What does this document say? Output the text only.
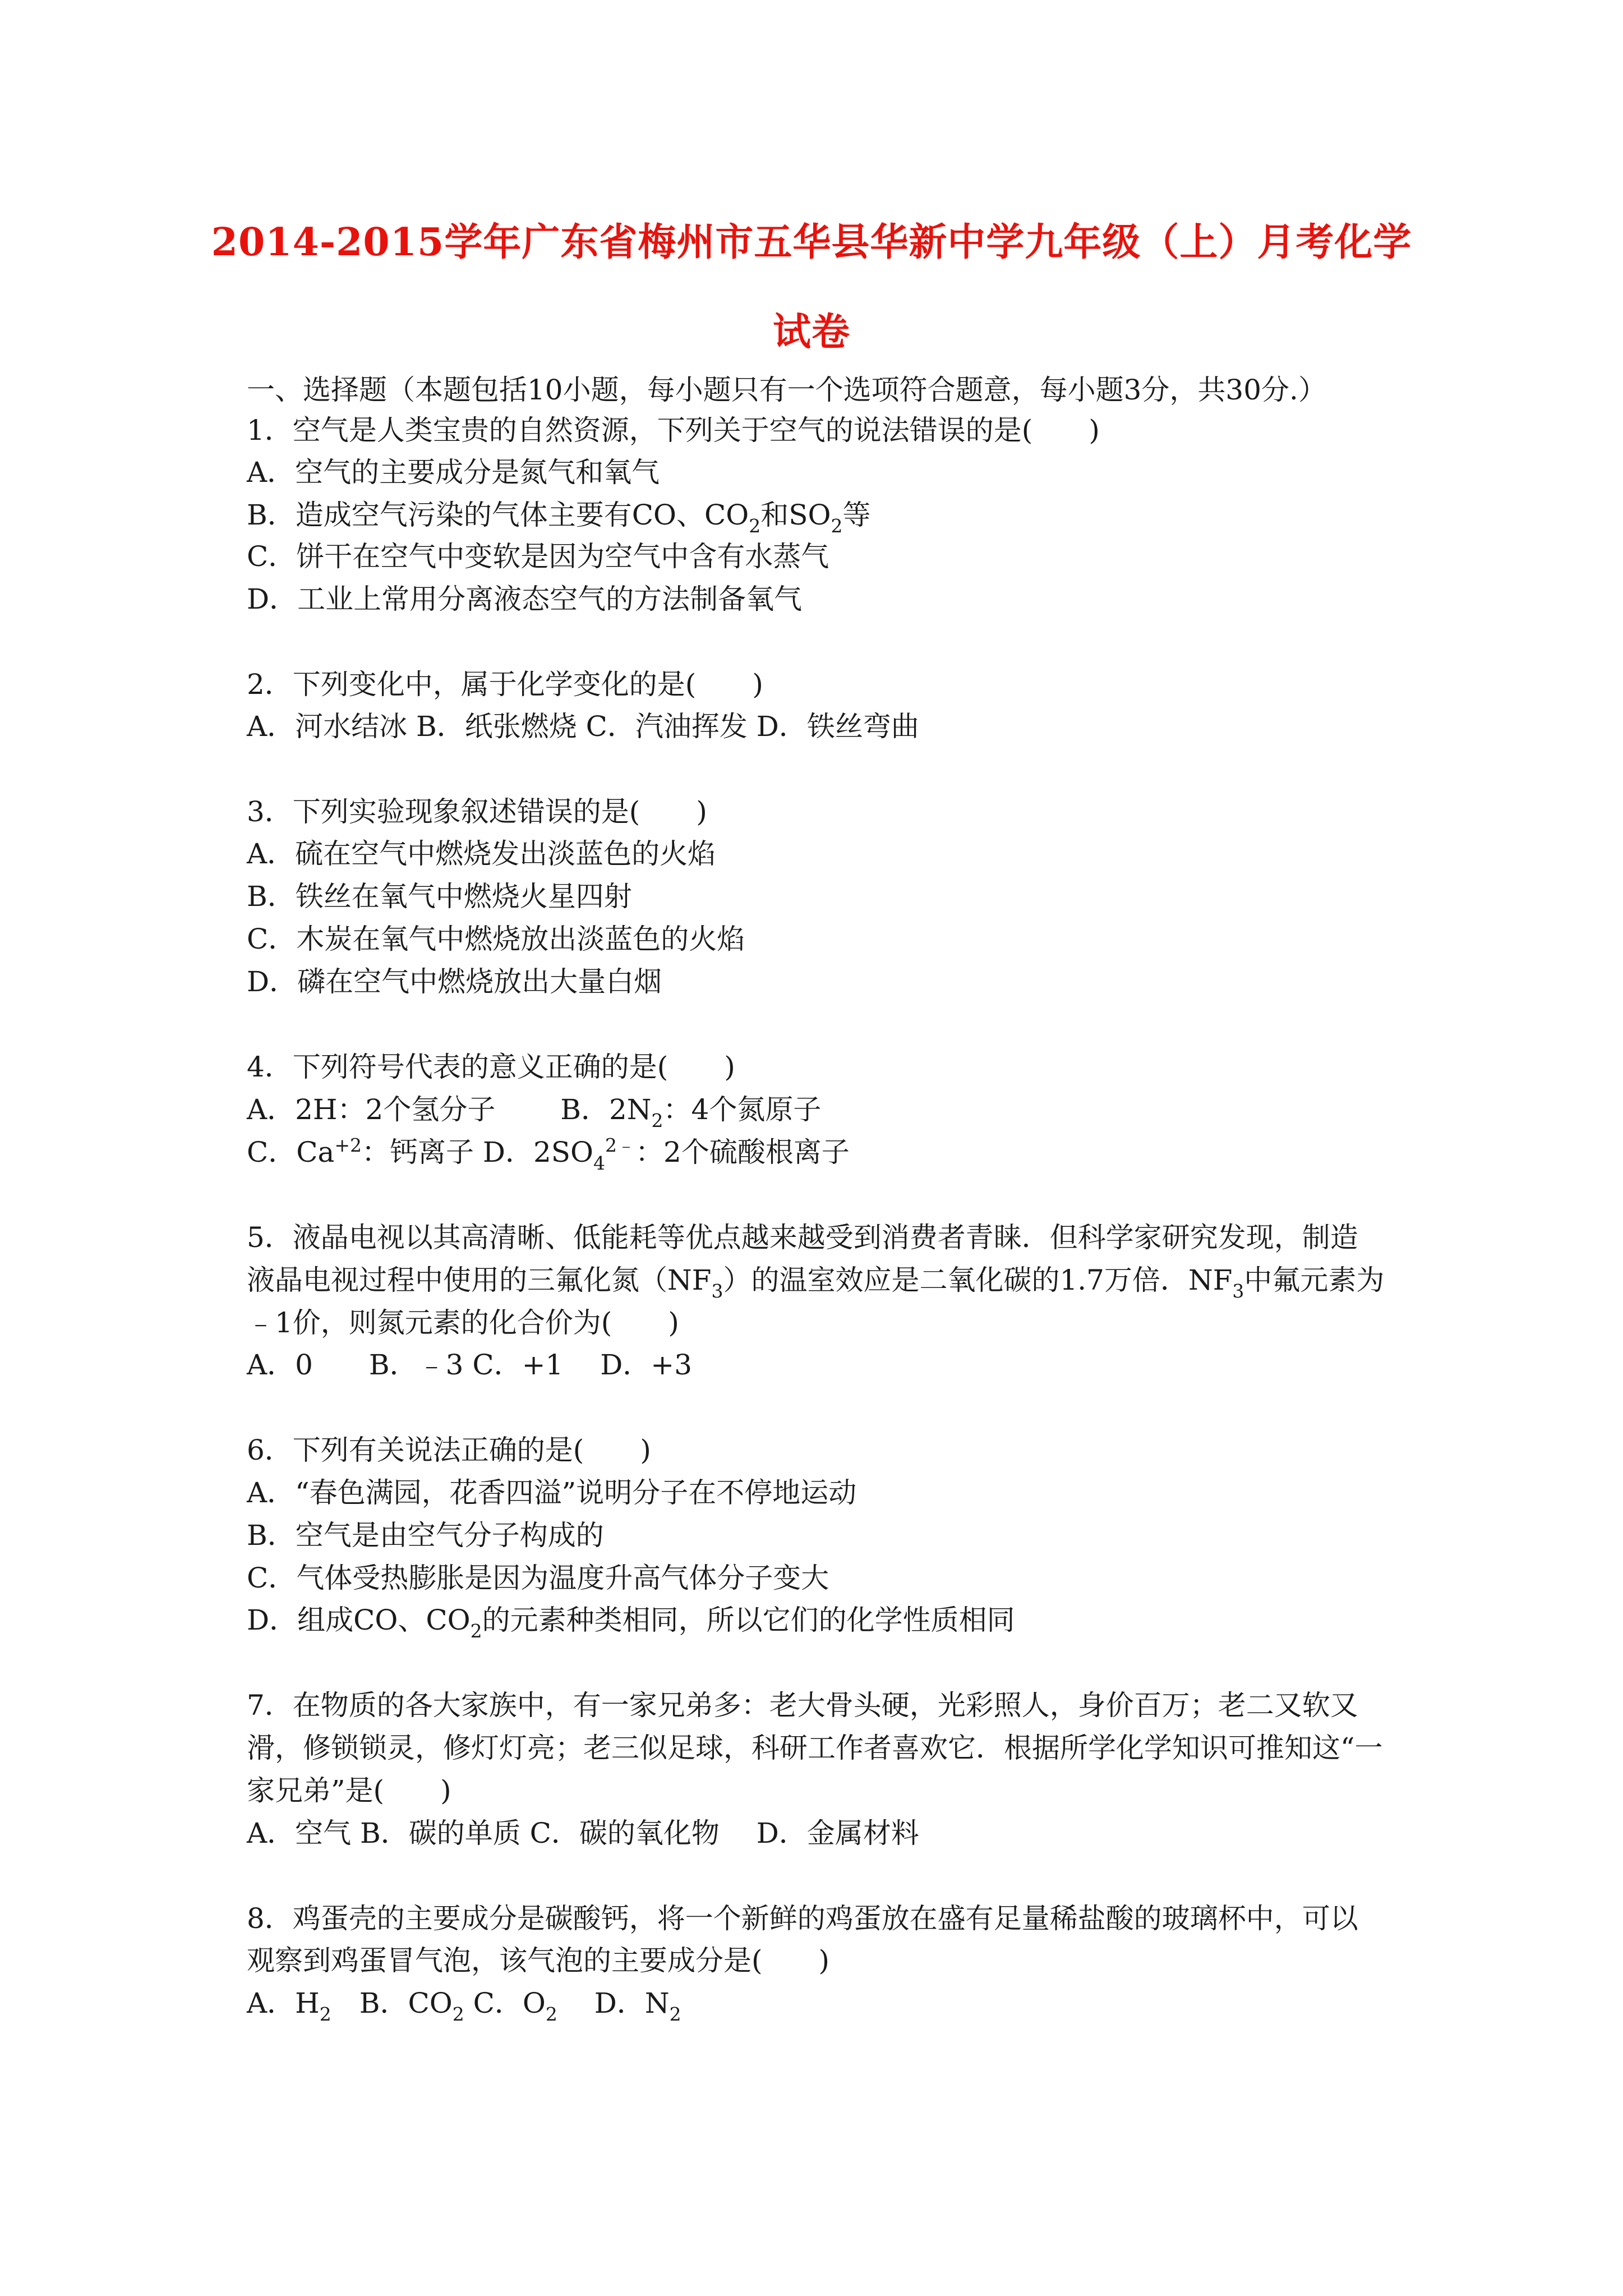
2014-2015学年广东省梅州市五华县华新中学九年级（上）月考化学
试卷
一、选择题（本题包括10小题，每小题只有一个选项符合题意，每小题3分，共30分.）
1．空气是人类宝贵的自然资源，下列关于空气的说法错误的是(　　)
A．空气的主要成分是氮气和氧气
B．造成空气污染的气体主要有CO、$CO_2$和$SO_2$等
C．饼干在空气中变软是因为空气中含有水蒸气
D．工业上常用分离液态空气的方法制备氧气
2．下列变化中，属于化学变化的是(　　)
A．河水结冰 B．纸张燃烧 C．汽油挥发 D．铁丝弯曲
3．下列实验现象叙述错误的是(　　)
A．硫在空气中燃烧发出淡蓝色的火焰
B．铁丝在氧气中燃烧火星四射
C．木炭在氧气中燃烧放出淡蓝色的火焰
D．磷在空气中燃烧放出大量白烟
4．下列符号代表的意义正确的是(　　)
A．2H：2个氢分子　　 B．$2N_2$：4个氮原子
C．$Ca^{+2}$：钙离子 D．$2SO_4^{2﹣}$：2个硫酸根离子
5．液晶电视以其高清晰、低能耗等优点越来越受到消费者青睐．但科学家研究发现，制造
液晶电视过程中使用的三氟化氮$(NF_3)$的温室效应是二氧化碳的1.7万倍．$NF_3$中氟元素为
﹣1价，则氮元素的化合价为(　　)
A．0　　B．﹣3 C．+1　 D．+3
6．下列有关说法正确的是(　　)
A．“春色满园，花香四溢”说明分子在不停地运动
B．空气是由空气分子构成的
C．气体受热膨胀是因为温度升高气体分子变大
D．组成CO、$CO_2$的元素种类相同，所以它们的化学性质相同
7．在物质的各大家族中，有一家兄弟多：老大骨头硬，光彩照人，身价百万；老二又软又
滑，修锁锁灵，修灯灯亮；老三似足球，科研工作者喜欢它．根据所学化学知识可推知这“一
家兄弟”是(　　)
A．空气 B．碳的单质 C．碳的氧化物　 D．金属材料
8．鸡蛋壳的主要成分是碳酸钙，将一个新鲜的鸡蛋放在盛有足量稀盐酸的玻璃杯中，可以
观察到鸡蛋冒气泡，该气泡的主要成分是(　　)
A．$H_2$　B．$CO_2$ C．$O_2$　 D．$N_2$
